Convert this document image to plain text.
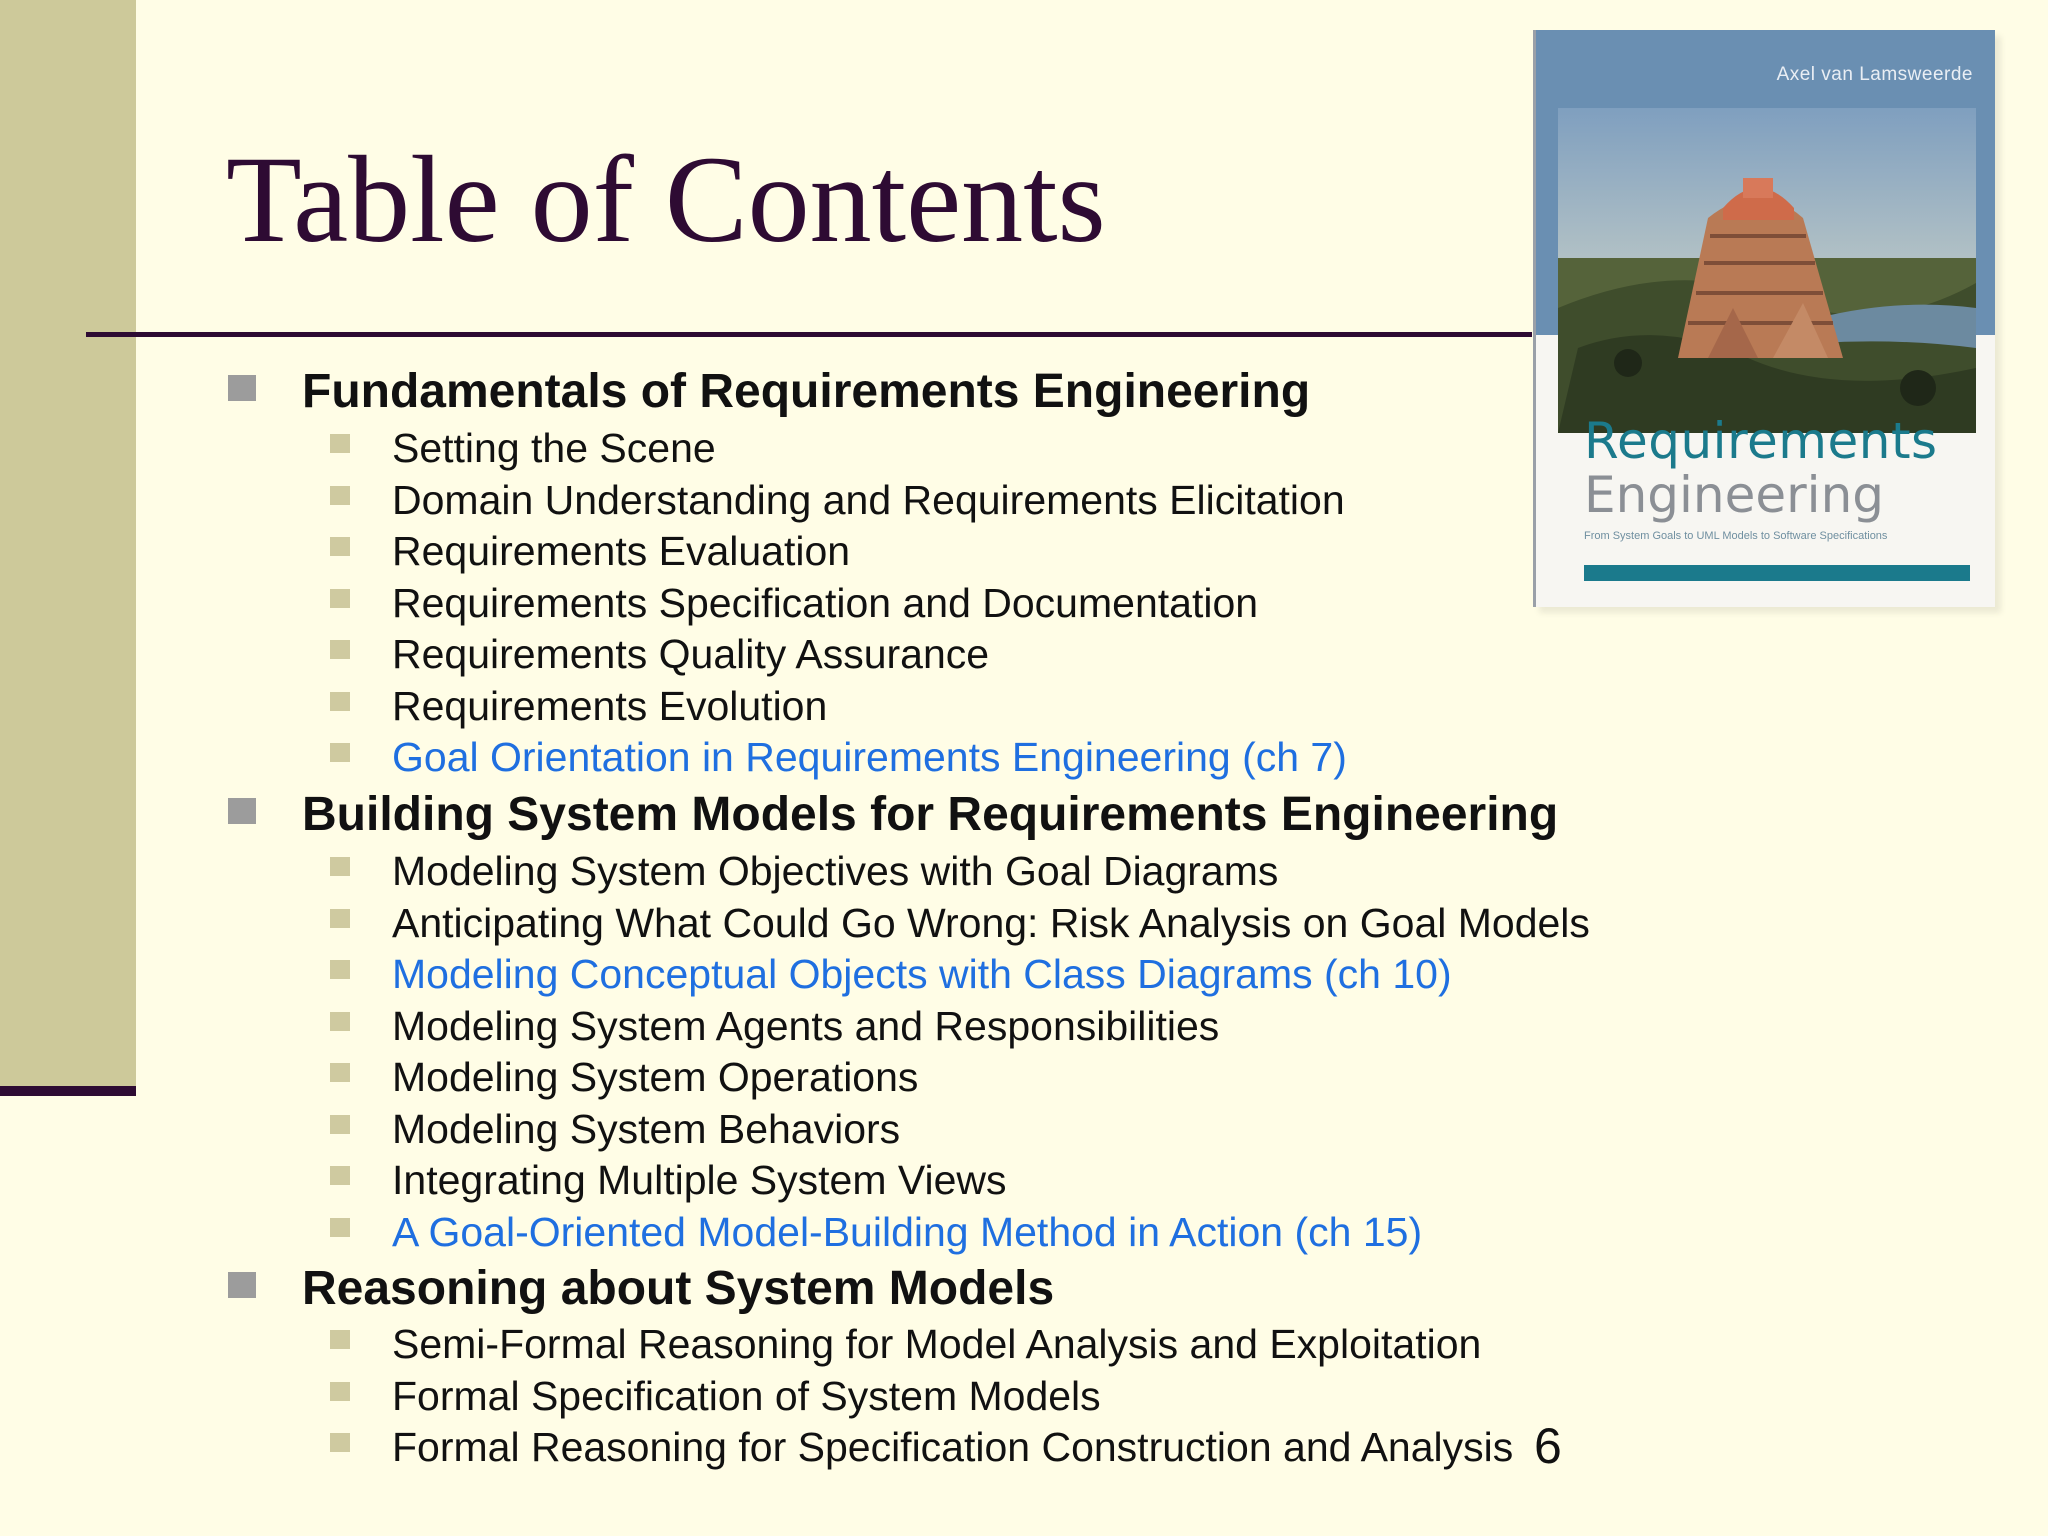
Table of Contents
Fundamentals of Requirements Engineering
Setting the Scene
Domain Understanding and Requirements Elicitation
Requirements Evaluation
Requirements Specification and Documentation
Requirements Quality Assurance
Requirements Evolution
Goal Orientation in Requirements Engineering (ch 7)
Building System Models for Requirements Engineering
Modeling System Objectives with Goal Diagrams
Anticipating What Could Go Wrong: Risk Analysis on Goal Models
Modeling Conceptual Objects with Class Diagrams (ch 10)
Modeling System Agents and Responsibilities
Modeling System Operations
Modeling System Behaviors
Integrating Multiple System Views
A Goal-Oriented Model-Building Method in Action (ch 15)
Reasoning about System Models
Semi-Formal Reasoning for Model Analysis and Exploitation
Formal Specification of System Models
Formal Reasoning for Specification Construction and Analysis
Axel van Lamsweerde
Requirements
Engineering
From System Goals to UML Models to Software Specifications
6
